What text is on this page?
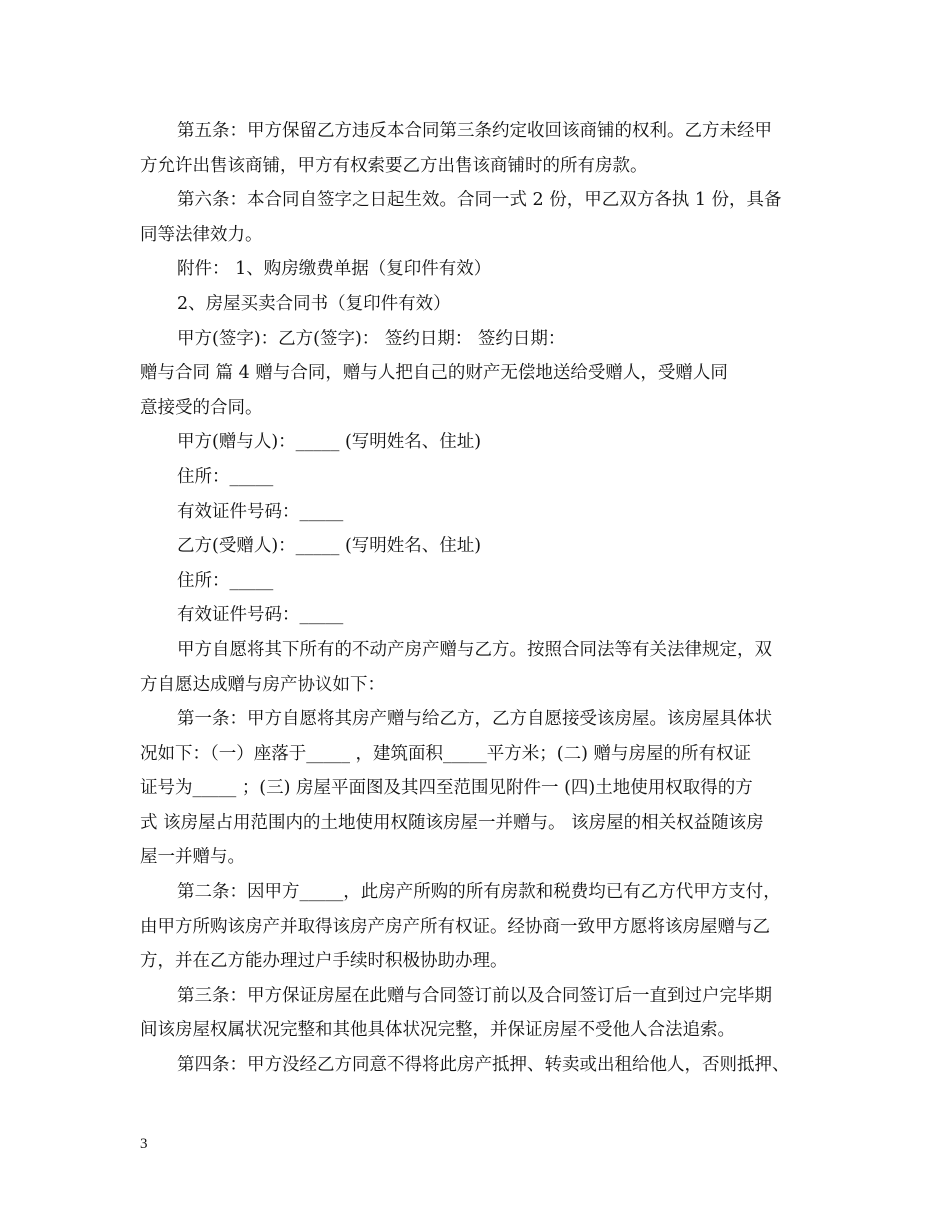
第五条：甲方保留乙方违反本合同第三条约定收回该商铺的权利。乙方未经甲
方允许出售该商铺，甲方有权索要乙方出售该商铺时的所有房款。
第六条：本合同自签字之日起生效。合同一式 2 份，甲乙双方各执 1 份，具备
同等法律效力。
附件： 1、购房缴费单据（复印件有效）
2、房屋买卖合同书（复印件有效）
甲方(签字)：乙方(签字)： 签约日期： 签约日期：
赠与合同 篇 4 赠与合同，赠与人把自己的财产无偿地送给受赠人，受赠人同
意接受的合同。
甲方(赠与人)：_____ (写明姓名、住址)
住所：_____
有效证件号码：_____
乙方(受赠人)：_____ (写明姓名、住址)
住所：_____
有效证件号码：_____
甲方自愿将其下所有的不动产房产赠与乙方。按照合同法等有关法律规定，双
方自愿达成赠与房产协议如下：
第一条：甲方自愿将其房产赠与给乙方，乙方自愿接受该房屋。该房屋具体状
况如下：（一）座落于_____ ，建筑面积_____平方米；(二) 赠与房屋的所有权证
证号为_____ ；(三) 房屋平面图及其四至范围见附件一 (四)土地使用权取得的方
式 该房屋占用范围内的土地使用权随该房屋一并赠与。 该房屋的相关权益随该房
屋一并赠与。
第二条：因甲方_____，此房产所购的所有房款和税费均已有乙方代甲方支付，
由甲方所购该房产并取得该房产房产所有权证。经协商一致甲方愿将该房屋赠与乙
方，并在乙方能办理过户手续时积极协助办理。
第三条：甲方保证房屋在此赠与合同签订前以及合同签订后一直到过户完毕期
间该房屋权属状况完整和其他具体状况完整，并保证房屋不受他人合法追索。
第四条：甲方没经乙方同意不得将此房产抵押、转卖或出租给他人，否则抵押、
3
